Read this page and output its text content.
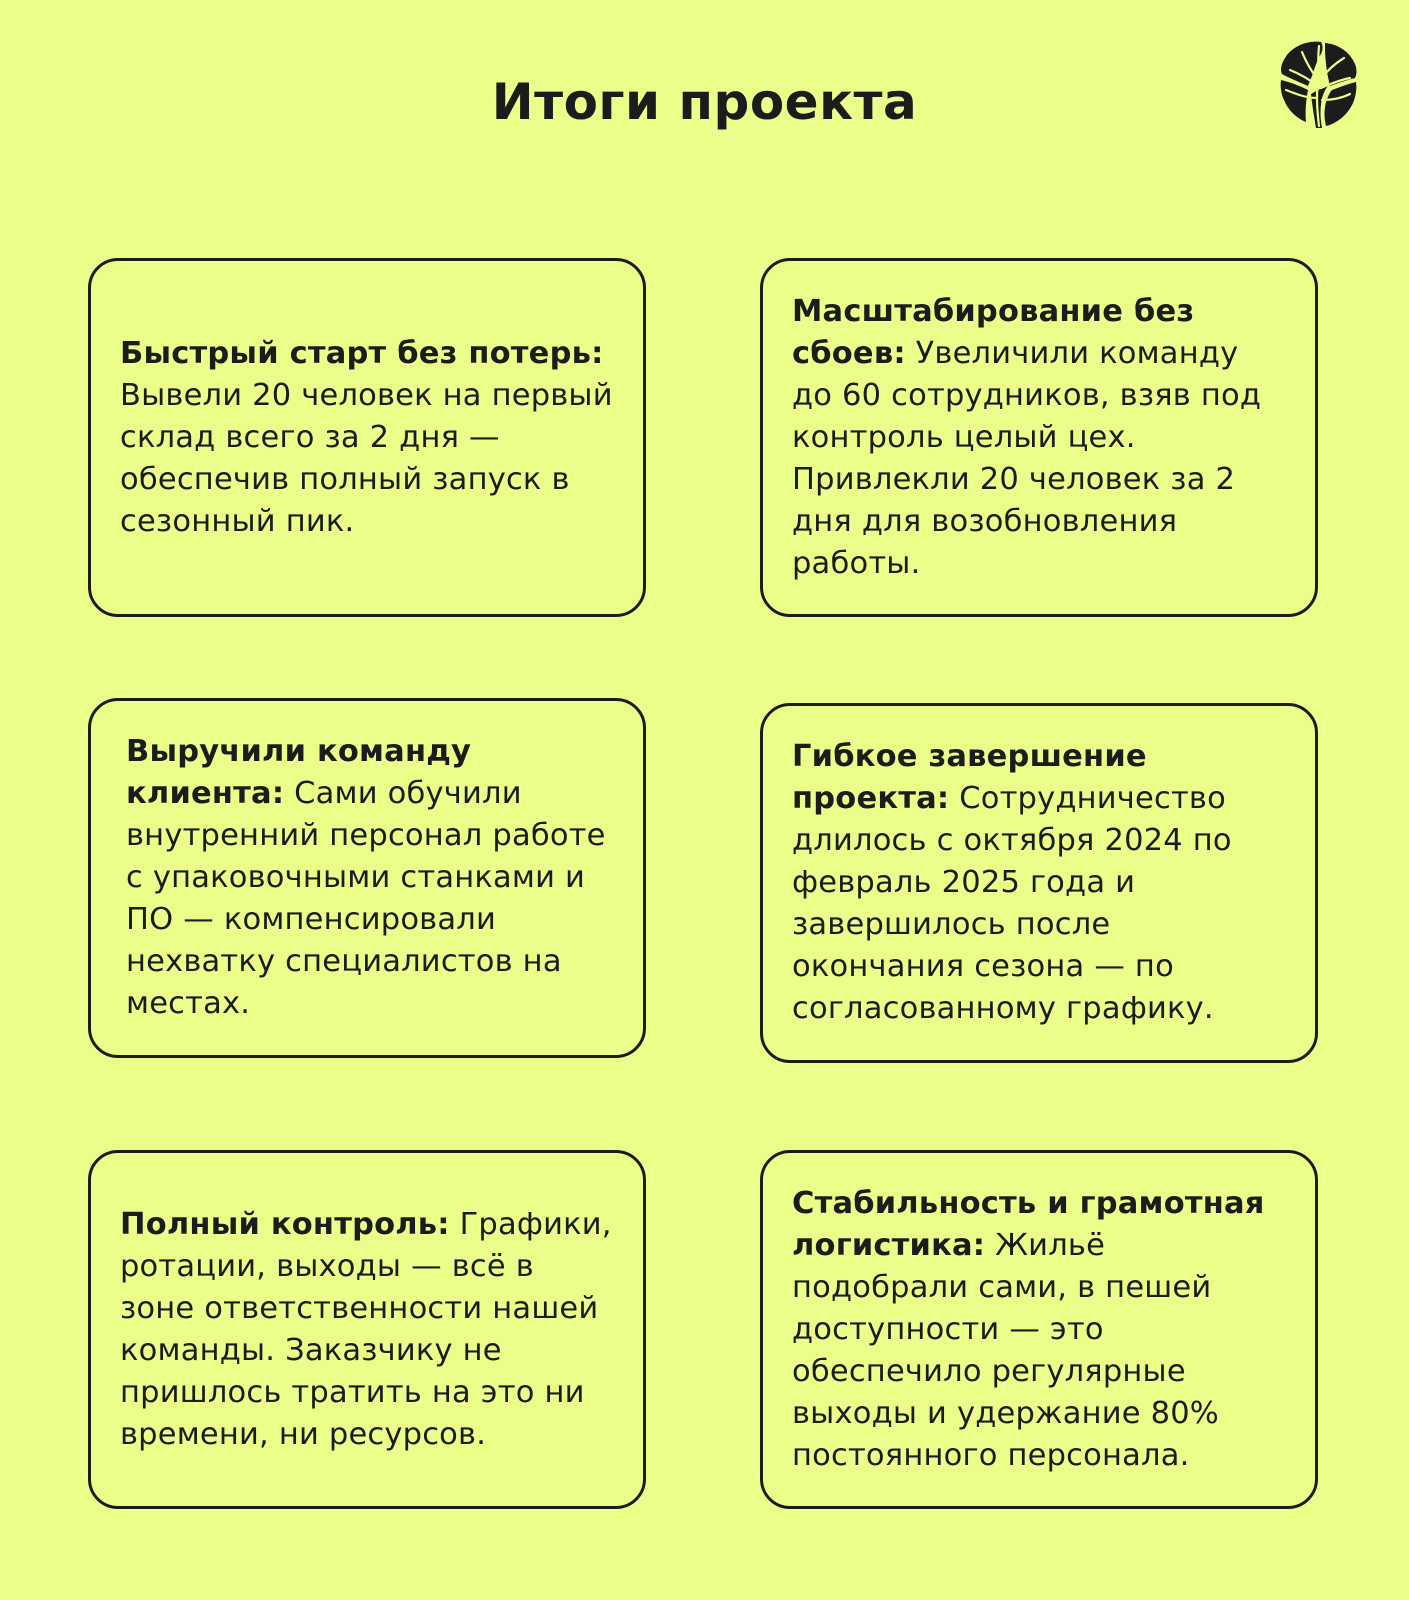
Итоги проекта

Быстрый старт без потерь: Вывели 20 человек на первый склад всего за 2 дня — обеспечив полный запуск в сезонный пик.

Масштабирование без сбоев: Увеличили команду до 60 сотрудников, взяв под контроль целый цех. Привлекли 20 человек за 2 дня для возобновления работы.

Выручили команду клиента: Сами обучили внутренний персонал работе с упаковочными станками и ПО — компенсировали нехватку специалистов на местах.

Гибкое завершение проекта: Сотрудничество длилось с октября 2024 по февраль 2025 года и завершилось после окончания сезона — по согласованному графику.

Полный контроль: Графики, ротации, выходы — всё в зоне ответственности нашей команды. Заказчику не пришлось тратить на это ни времени, ни ресурсов.

Стабильность и грамотная логистика: Жильё подобрали сами, в пешей доступности — это обеспечило регулярные выходы и удержание 80% постоянного персонала.
